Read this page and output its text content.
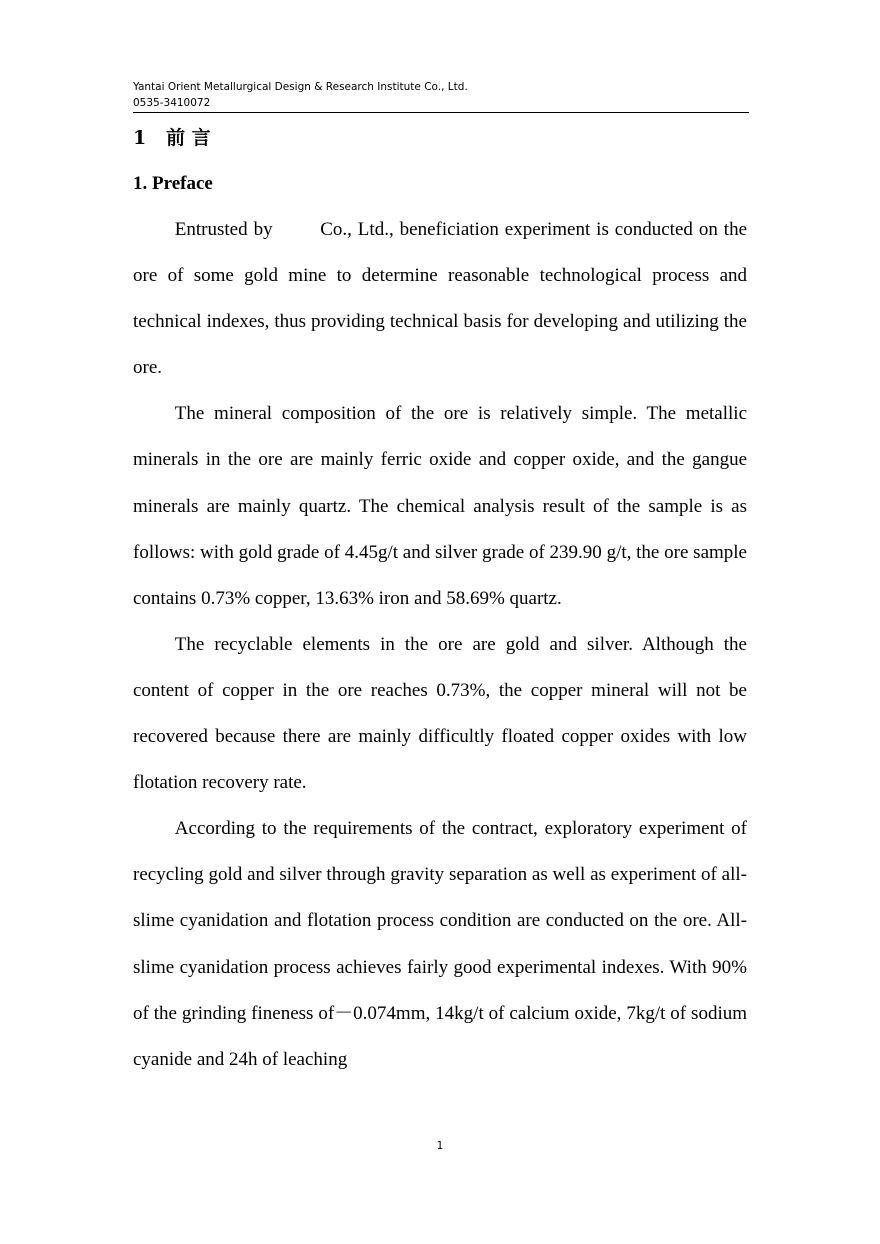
Yantai Orient Metallurgical Design & Research Institute Co., Ltd.
0535-3410072
1   前 言
1. Preface

Entrusted by	Co., Ltd., beneficiation experiment is conducted on the ore of some gold mine to determine reasonable technological process and technical indexes, thus providing technical basis for developing and utilizing the ore.

The mineral composition of the ore is relatively simple. The metallic minerals in the ore are mainly ferric oxide and copper oxide, and the gangue minerals are mainly quartz. The chemical analysis result of the sample is as follows: with gold grade of 4.45g/t and silver grade of 239.90 g/t, the ore sample contains 0.73% copper, 13.63% iron and 58.69% quartz.

The recyclable elements in the ore are gold and silver. Although the content of copper in the ore reaches 0.73%, the copper mineral will not be recovered because there are mainly difficultly floated copper oxides with low flotation recovery rate.

According to the requirements of the contract, exploratory experiment of recycling gold and silver through gravity separation as well as experiment of all-slime cyanidation and flotation process condition are conducted on the ore. All-slime cyanidation process achieves fairly good experimental indexes. With 90% of the grinding fineness of－0.074mm, 14kg/t of calcium oxide, 7kg/t of sodium cyanide and 24h of leaching

1
